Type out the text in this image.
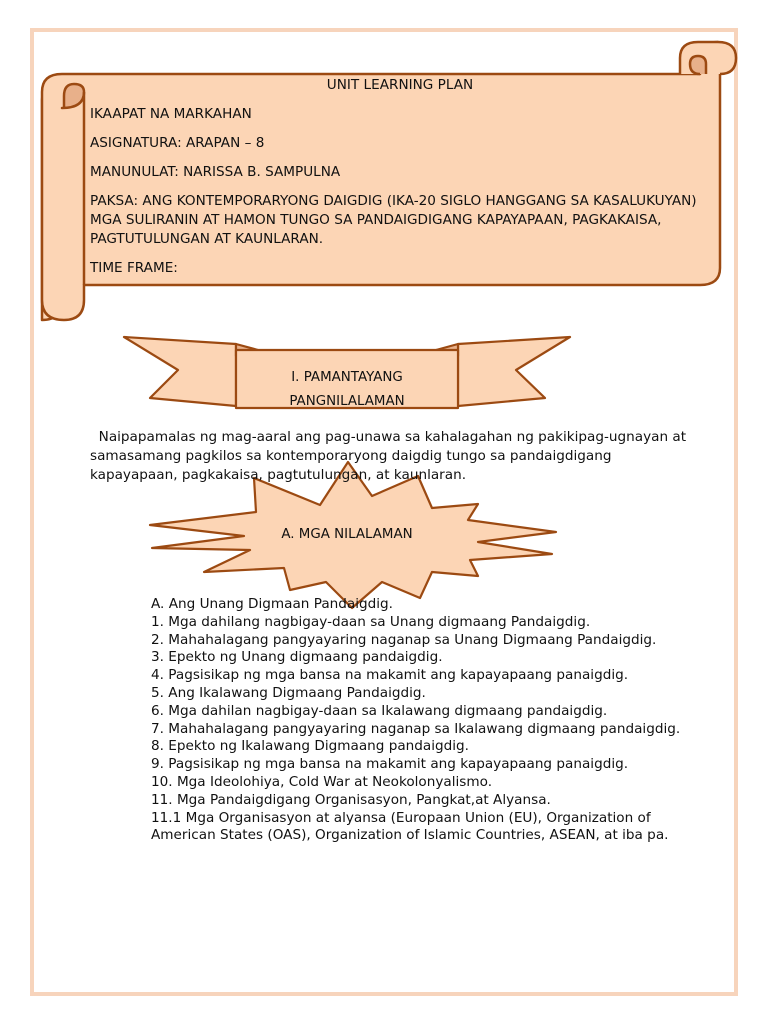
UNIT LEARNING PLAN
IKAAPAT NA MARKAHAN
ASIGNATURA: ARAPAN – 8
MANUNULAT: NARISSA B. SAMPULNA
PAKSA: ANG KONTEMPORARYONG DAIGDIG (IKA-20 SIGLO HANGGANG SA KASALUKUYAN) MGA SULIRANIN AT HAMON TUNGO SA PANDAIGDIGANG KAPAYAPAAN, PAGKAKAISA, PAGTUTULUNGAN AT KAUNLARAN.
TIME FRAME:
I. PAMANTAYANG PANGNILALAMAN
Naipapamalas ng mag-aaral ang pag-unawa sa kahalagahan ng pakikipag-ugnayan at samasamang pagkilos sa kontemporaryong daigdig tungo sa pandaigdigang kapayapaan, pagkakaisa, pagtutulungan, at kaunlaran.
A. MGA NILALAMAN
A. Ang Unang Digmaan Pandaigdig.
1. Mga dahilang nagbigay-daan sa Unang digmaang Pandaigdig.
2. Mahahalagang pangyayaring naganap sa Unang Digmaang Pandaigdig.
3. Epekto ng Unang digmaang pandaigdig.
4. Pagsisikap ng mga bansa na makamit ang kapayapaang panaigdig.
5. Ang Ikalawang Digmaang Pandaigdig.
6. Mga dahilan nagbigay-daan sa Ikalawang digmaang pandaigdig.
7. Mahahalagang pangyayaring naganap sa Ikalawang digmaang pandaigdig.
8. Epekto ng Ikalawang Digmaang pandaigdig.
9. Pagsisikap ng mga bansa na makamit ang kapayapaang panaigdig.
10. Mga Ideolohiya, Cold War at Neokolonyalismo.
11. Mga Pandaigdigang Organisasyon, Pangkat,at Alyansa.
11.1 Mga Organisasyon at alyansa (Europaan Union (EU), Organization of American States (OAS), Organization of Islamic Countries, ASEAN, at iba pa.
